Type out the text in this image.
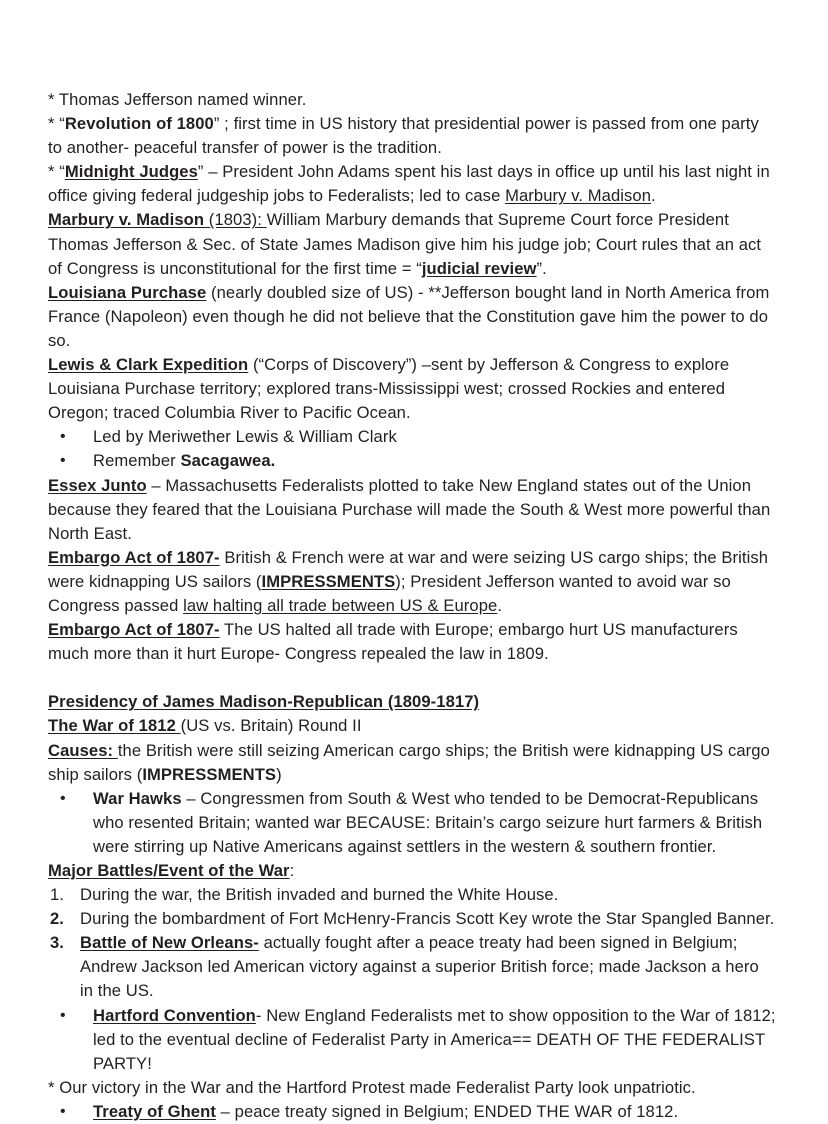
* Thomas Jefferson named winner.

* “Revolution of 1800” ; first time in US history that presidential power is passed from one party to another- peaceful transfer of power is the tradition.

* “Midnight Judges” – President John Adams spent his last days in office up until his last night in office giving federal judgeship jobs to Federalists; led to case Marbury v. Madison.

Marbury v. Madison (1803): William Marbury demands that Supreme Court force President Thomas Jefferson & Sec. of State James Madison give him his judge job; Court rules that an act of Congress is unconstitutional for the first time = “judicial review”.

Louisiana Purchase (nearly doubled size of US) - **Jefferson bought land in North America from France (Napoleon) even though he did not believe that the Constitution gave him the power to do so.

Lewis & Clark Expedition (“Corps of Discovery”) –sent by Jefferson & Congress to explore Louisiana Purchase territory; explored trans-Mississippi west; crossed Rockies and entered Oregon; traced Columbia River to Pacific Ocean.

• Led by Meriwether Lewis & William Clark
• Remember Sacagawea.

Essex Junto – Massachusetts Federalists plotted to take New England states out of the Union because they feared that the Louisiana Purchase will made the South & West more powerful than North East.

Embargo Act of 1807- British & French were at war and were seizing US cargo ships; the British were kidnapping US sailors (IMPRESSMENTS); President Jefferson wanted to avoid war so Congress passed law halting all trade between US & Europe.

Embargo Act of 1807- The US halted all trade with Europe; embargo hurt US manufacturers much more than it hurt Europe- Congress repealed the law in 1809.

Presidency of James Madison-Republican (1809-1817)

The War of 1812 (US vs. Britain) Round II

Causes: the British were still seizing American cargo ships; the British were kidnapping US cargo ship sailors (IMPRESSMENTS)

• War Hawks – Congressmen from South & West who tended to be Democrat-Republicans who resented Britain; wanted war BECAUSE: Britain’s cargo seizure hurt farmers & British were stirring up Native Americans against settlers in the western & southern frontier.

Major Battles/Event of the War:

1. During the war, the British invaded and burned the White House.
2. During the bombardment of Fort McHenry-Francis Scott Key wrote the Star Spangled Banner.
3. Battle of New Orleans- actually fought after a peace treaty had been signed in Belgium; Andrew Jackson led American victory against a superior British force; made Jackson a hero in the US.
• Hartford Convention- New England Federalists met to show opposition to the War of 1812; led to the eventual decline of Federalist Party in America== DEATH OF THE FEDERALIST PARTY!

* Our victory in the War and the Hartford Protest made Federalist Party look unpatriotic.

• Treaty of Ghent – peace treaty signed in Belgium; ENDED THE WAR of 1812.
